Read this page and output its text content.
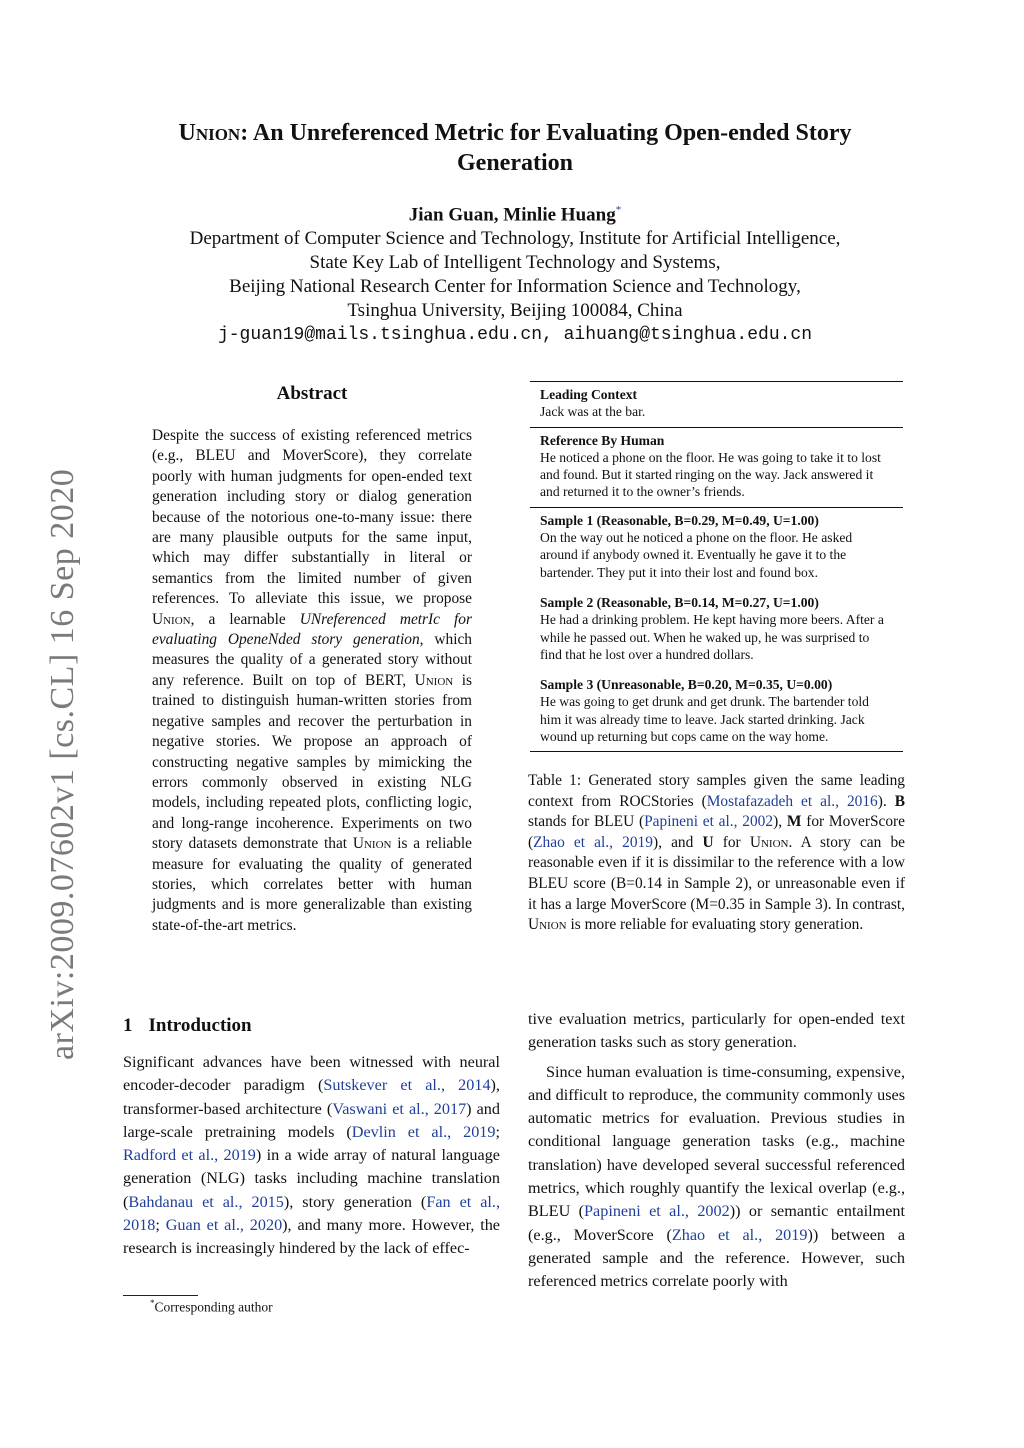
Union: An Unreferenced Metric for Evaluating Open-ended Story
Generation
Jian Guan, Minlie Huang*
Department of Computer Science and Technology, Institute for Artificial Intelligence,
State Key Lab of Intelligent Technology and Systems,
Beijing National Research Center for Information Science and Technology,
Tsinghua University, Beijing 100084, China
j-guan19@mails.tsinghua.edu.cn, aihuang@tsinghua.edu.cn
arXiv:2009.07602v1 [cs.CL] 16 Sep 2020
Abstract
Despite the success of existing referenced metrics (e.g., BLEU and MoverScore), they correlate poorly with human judgments for open-ended text generation including story or dialog generation because of the notorious one-to-many issue: there are many plausible outputs for the same input, which may differ substantially in literal or semantics from the limited number of given references. To alleviate this issue, we propose Union, a learnable UNreferenced metrIc for evaluating OpeneNded story generation, which measures the quality of a generated story without any reference. Built on top of BERT, Union is trained to distinguish human-written stories from negative samples and recover the perturbation in negative stories. We propose an approach of constructing negative samples by mimicking the errors commonly observed in existing NLG models, including repeated plots, conflicting logic, and long-range incoherence. Experiments on two story datasets demonstrate that Union is a reliable measure for evaluating the quality of generated stories, which correlates better with human judgments and is more generalizable than existing state-of-the-art metrics.
Leading Context
Jack was at the bar.
Reference By Human
He noticed a phone on the floor. He was going to take it to lost and found. But it started ringing on the way. Jack answered it and returned it to the owner’s friends.
Sample 1 (Reasonable, B=0.29, M=0.49, U=1.00)
On the way out he noticed a phone on the floor. He asked around if anybody owned it. Eventually he gave it to the bartender. They put it into their lost and found box.
Sample 2 (Reasonable, B=0.14, M=0.27, U=1.00)
He had a drinking problem. He kept having more beers. After a while he passed out. When he waked up, he was surprised to find that he lost over a hundred dollars.
Sample 3 (Unreasonable, B=0.20, M=0.35, U=0.00)
He was going to get drunk and get drunk. The bartender told him it was already time to leave. Jack started drinking. Jack wound up returning but cops came on the way home.
Table 1: Generated story samples given the same leading context from ROCStories (Mostafazadeh et al., 2016). B stands for BLEU (Papineni et al., 2002), M for MoverScore (Zhao et al., 2019), and U for Union. A story can be reasonable even if it is dissimilar to the reference with a low BLEU score (B=0.14 in Sample 2), or unreasonable even if it has a large MoverScore (M=0.35 in Sample 3). In contrast, Union is more reliable for evaluating story generation.
1 Introduction

Significant advances have been witnessed with neural encoder-decoder paradigm (Sutskever et al., 2014), transformer-based architecture (Vaswani et al., 2017) and large-scale pretraining models (Devlin et al., 2019; Radford et al., 2019) in a wide array of natural language generation (NLG) tasks including machine translation (Bahdanau et al., 2015), story generation (Fan et al., 2018; Guan et al., 2020), and many more. However, the research is increasingly hindered by the lack of effec-

tive evaluation metrics, particularly for open-ended text generation tasks such as story generation.

Since human evaluation is time-consuming, expensive, and difficult to reproduce, the community commonly uses automatic metrics for evaluation. Previous studies in conditional language generation tasks (e.g., machine translation) have developed several successful referenced metrics, which roughly quantify the lexical overlap (e.g., BLEU (Papineni et al., 2002)) or semantic entailment (e.g., MoverScore (Zhao et al., 2019)) between a generated sample and the reference. However, such referenced metrics correlate poorly with

*Corresponding author
